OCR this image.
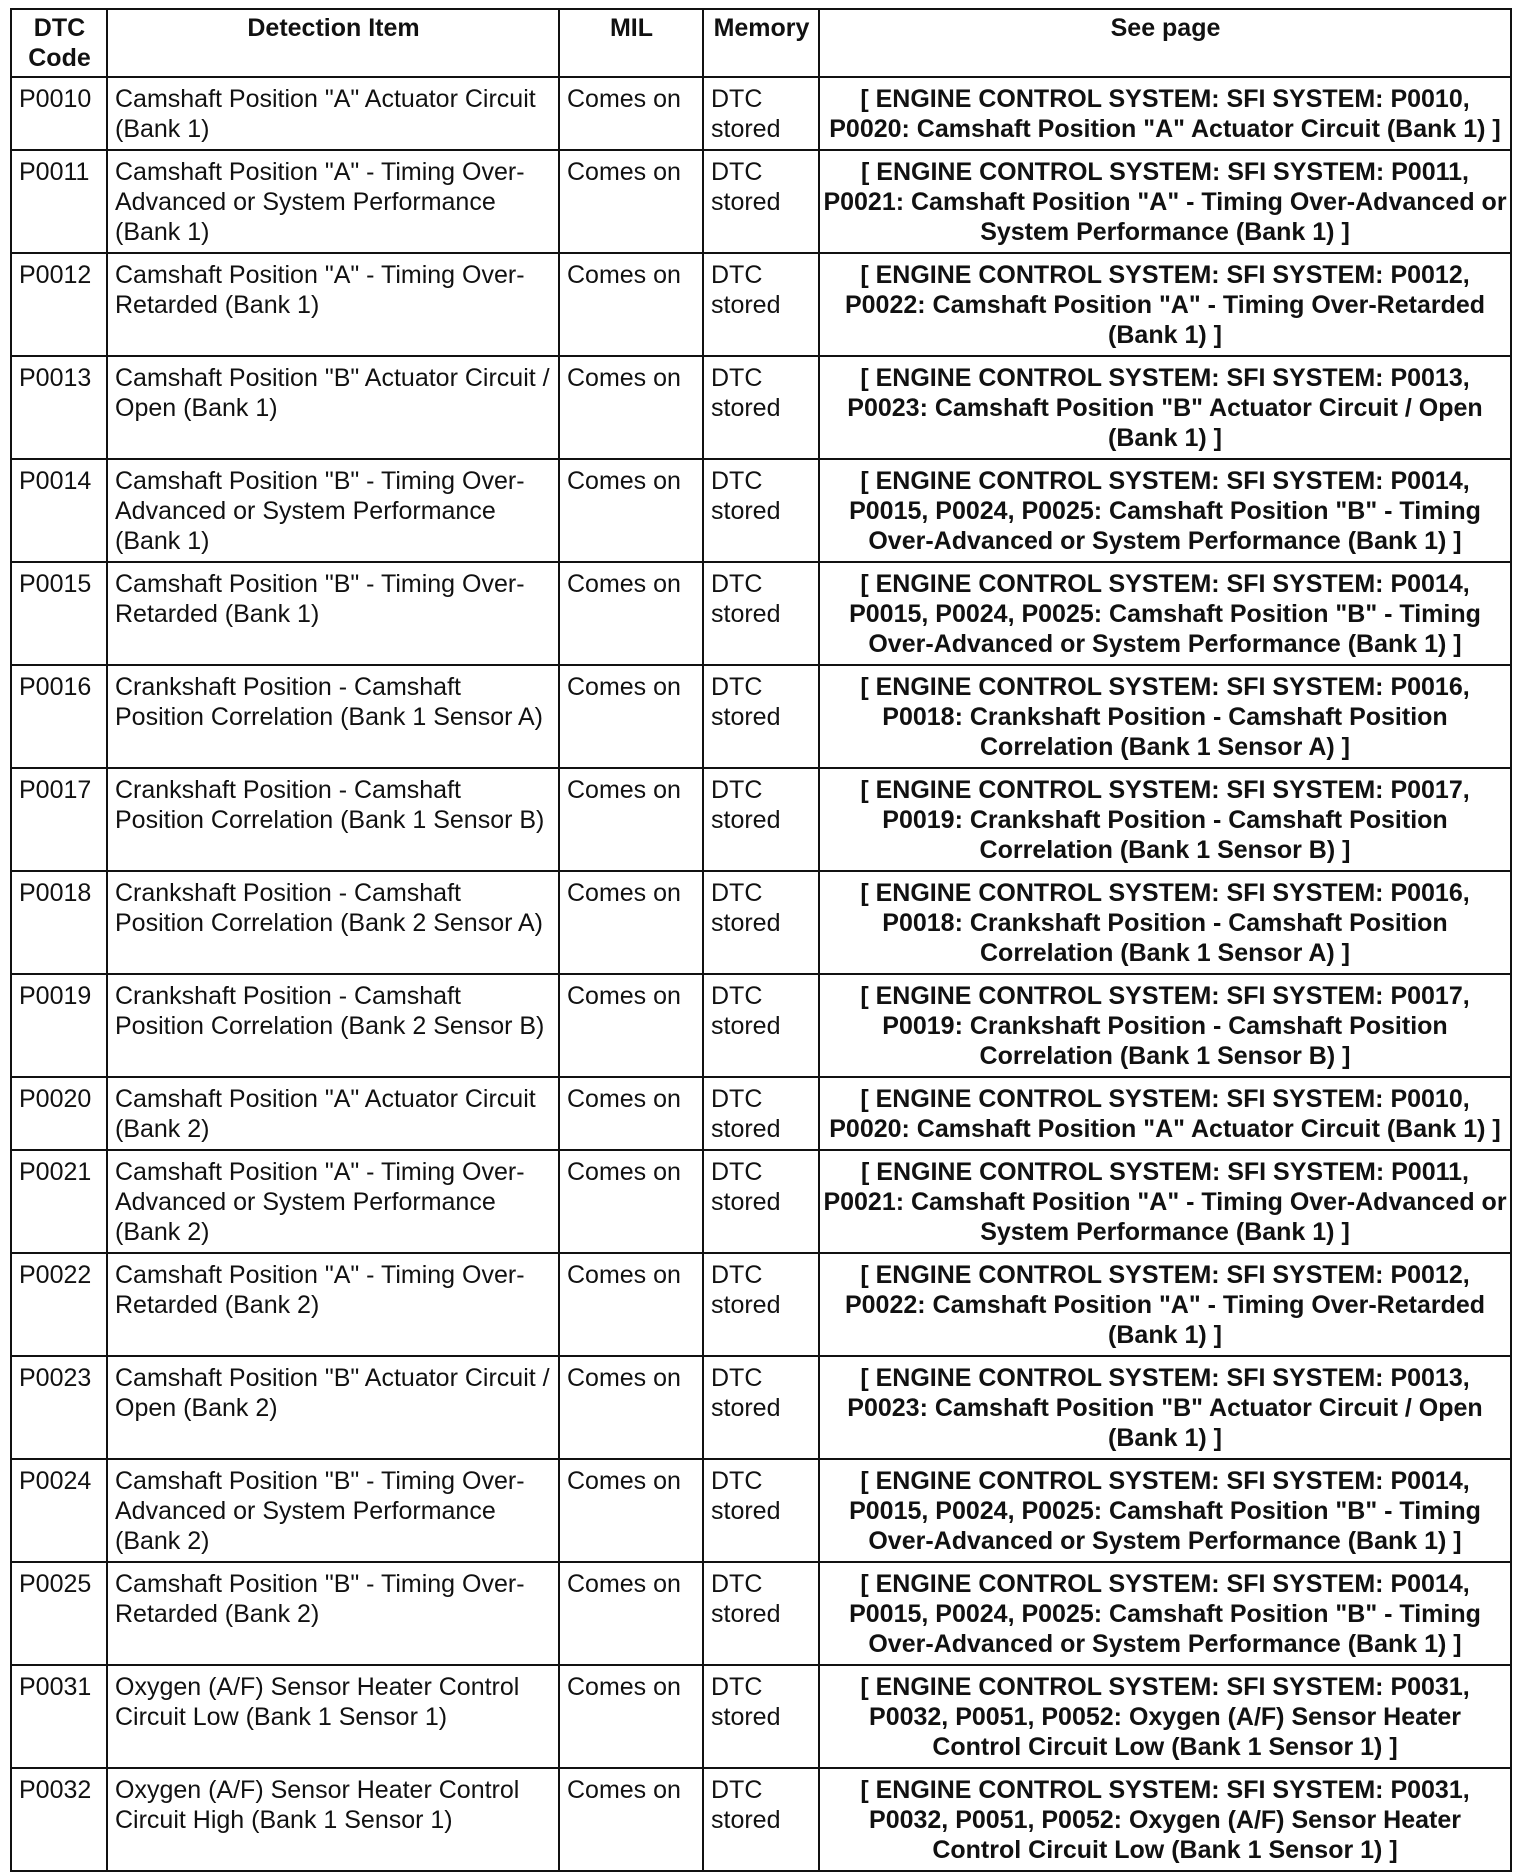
DTC Code	Detection Item	MIL	Memory	See page
P0010	Camshaft Position "A" Actuator Circuit (Bank 1)	Comes on	DTC stored	[ ENGINE CONTROL SYSTEM: SFI SYSTEM: P0010, P0020: Camshaft Position "A" Actuator Circuit (Bank 1) ]
P0011	Camshaft Position "A" - Timing Over-Advanced or System Performance (Bank 1)	Comes on	DTC stored	[ ENGINE CONTROL SYSTEM: SFI SYSTEM: P0011, P0021: Camshaft Position "A" - Timing Over-Advanced or System Performance (Bank 1) ]
P0012	Camshaft Position "A" - Timing Over-Retarded (Bank 1)	Comes on	DTC stored	[ ENGINE CONTROL SYSTEM: SFI SYSTEM: P0012, P0022: Camshaft Position "A" - Timing Over-Retarded (Bank 1) ]
P0013	Camshaft Position "B" Actuator Circuit / Open (Bank 1)	Comes on	DTC stored	[ ENGINE CONTROL SYSTEM: SFI SYSTEM: P0013, P0023: Camshaft Position "B" Actuator Circuit / Open (Bank 1) ]
P0014	Camshaft Position "B" - Timing Over-Advanced or System Performance (Bank 1)	Comes on	DTC stored	[ ENGINE CONTROL SYSTEM: SFI SYSTEM: P0014, P0015, P0024, P0025: Camshaft Position "B" - Timing Over-Advanced or System Performance (Bank 1) ]
P0015	Camshaft Position "B" - Timing Over-Retarded (Bank 1)	Comes on	DTC stored	[ ENGINE CONTROL SYSTEM: SFI SYSTEM: P0014, P0015, P0024, P0025: Camshaft Position "B" - Timing Over-Advanced or System Performance (Bank 1) ]
P0016	Crankshaft Position - Camshaft Position Correlation (Bank 1 Sensor A)	Comes on	DTC stored	[ ENGINE CONTROL SYSTEM: SFI SYSTEM: P0016, P0018: Crankshaft Position - Camshaft Position Correlation (Bank 1 Sensor A) ]
P0017	Crankshaft Position - Camshaft Position Correlation (Bank 1 Sensor B)	Comes on	DTC stored	[ ENGINE CONTROL SYSTEM: SFI SYSTEM: P0017, P0019: Crankshaft Position - Camshaft Position Correlation (Bank 1 Sensor B) ]
P0018	Crankshaft Position - Camshaft Position Correlation (Bank 2 Sensor A)	Comes on	DTC stored	[ ENGINE CONTROL SYSTEM: SFI SYSTEM: P0016, P0018: Crankshaft Position - Camshaft Position Correlation (Bank 1 Sensor A) ]
P0019	Crankshaft Position - Camshaft Position Correlation (Bank 2 Sensor B)	Comes on	DTC stored	[ ENGINE CONTROL SYSTEM: SFI SYSTEM: P0017, P0019: Crankshaft Position - Camshaft Position Correlation (Bank 1 Sensor B) ]
P0020	Camshaft Position "A" Actuator Circuit (Bank 2)	Comes on	DTC stored	[ ENGINE CONTROL SYSTEM: SFI SYSTEM: P0010, P0020: Camshaft Position "A" Actuator Circuit (Bank 1) ]
P0021	Camshaft Position "A" - Timing Over-Advanced or System Performance (Bank 2)	Comes on	DTC stored	[ ENGINE CONTROL SYSTEM: SFI SYSTEM: P0011, P0021: Camshaft Position "A" - Timing Over-Advanced or System Performance (Bank 1) ]
P0022	Camshaft Position "A" - Timing Over-Retarded (Bank 2)	Comes on	DTC stored	[ ENGINE CONTROL SYSTEM: SFI SYSTEM: P0012, P0022: Camshaft Position "A" - Timing Over-Retarded (Bank 1) ]
P0023	Camshaft Position "B" Actuator Circuit / Open (Bank 2)	Comes on	DTC stored	[ ENGINE CONTROL SYSTEM: SFI SYSTEM: P0013, P0023: Camshaft Position "B" Actuator Circuit / Open (Bank 1) ]
P0024	Camshaft Position "B" - Timing Over-Advanced or System Performance (Bank 2)	Comes on	DTC stored	[ ENGINE CONTROL SYSTEM: SFI SYSTEM: P0014, P0015, P0024, P0025: Camshaft Position "B" - Timing Over-Advanced or System Performance (Bank 1) ]
P0025	Camshaft Position "B" - Timing Over-Retarded (Bank 2)	Comes on	DTC stored	[ ENGINE CONTROL SYSTEM: SFI SYSTEM: P0014, P0015, P0024, P0025: Camshaft Position "B" - Timing Over-Advanced or System Performance (Bank 1) ]
P0031	Oxygen (A/F) Sensor Heater Control Circuit Low (Bank 1 Sensor 1)	Comes on	DTC stored	[ ENGINE CONTROL SYSTEM: SFI SYSTEM: P0031, P0032, P0051, P0052: Oxygen (A/F) Sensor Heater Control Circuit Low (Bank 1 Sensor 1) ]
P0032	Oxygen (A/F) Sensor Heater Control Circuit High (Bank 1 Sensor 1)	Comes on	DTC stored	[ ENGINE CONTROL SYSTEM: SFI SYSTEM: P0031, P0032, P0051, P0052: Oxygen (A/F) Sensor Heater Control Circuit Low (Bank 1 Sensor 1) ]
